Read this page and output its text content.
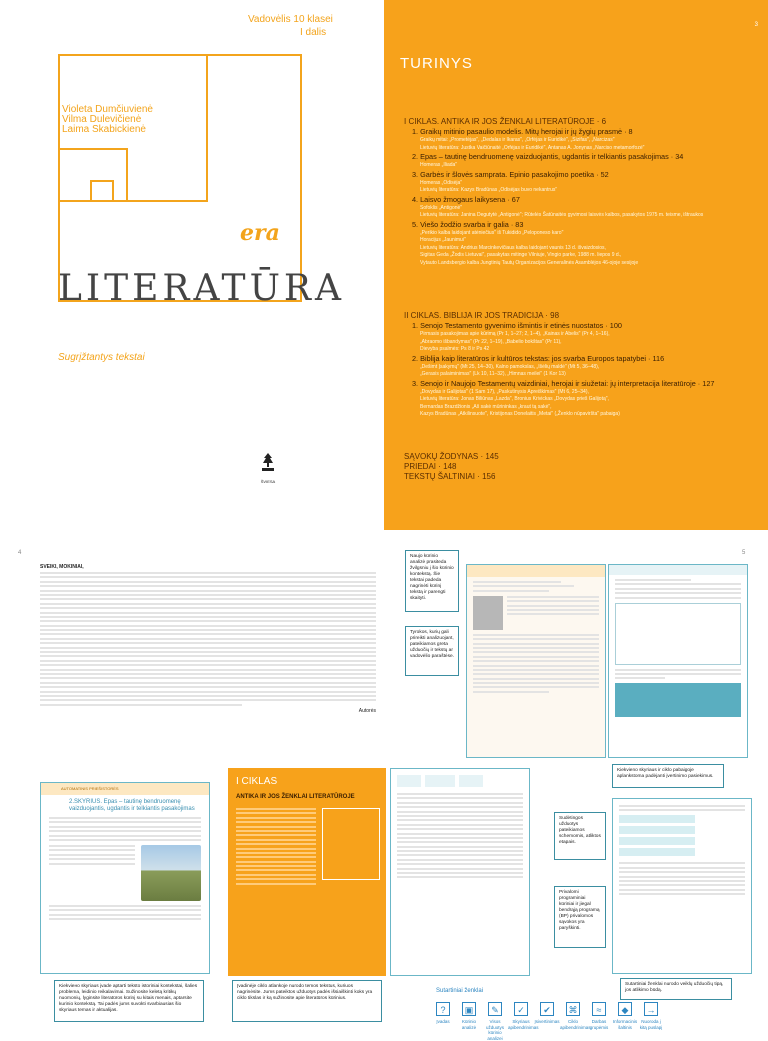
Vadovėlis 10 klasei
I dalis
Violeta Dumčiuvienė
Vilma Dulevičienė
Laima Skabickienė
era
LITERATŪRA
Sugrįžtantys tekstai
ŠVIESA
3
TURINYS
I CIKLAS. ANTIKA IR JOS ŽENKLAI LITERATŪROJE · 6
1. Graikų mitinio pasaulio modelis. Mitų herojai ir jų žygių prasmė · 8
Graikų mitai: „Prometėjas", „Dedalas ir Ikaras", „Orfėjas ir Euridikė", „Sizifas", „Narcizas"
Lietuvių literatūra: Justka Vaičiūnaitė „Orfėjas ir Euridikė", Antanas A. Jonynas „Narciso metamorfozė"
2. Epas – tautinę bendruomenę vaizduojantis, ugdantis ir telkiantis pasakojimas · 34
Homeras „Iliada"
3. Garbės ir šlovės samprata. Epinio pasakojimo poetika · 52
Homeras „Odisėja"
Lietuvių literatūra: Kazys Bradūnas „Odisėjas buvo nekantrus"
4. Laisvo žmogaus laikysena · 67
Sofoklis „Antigonė"
Lietuvių literatūra: Janina Degutytė „Antigonė"; Rūtelės Šatūnaitės gyvimosi laisvės kalbos, pasakytos 1975 m. teisme, ištraukos
5. Viešo žodžio svarba ir galia · 83
„Perikio kalba laidojant atėniečius" iš Tukidido „Peloponeso karo"
Horacijus „Jaunimui"
Lietuvių literatūra: Andrius Marcinkevičiaus kalba laidojant vaunis 13 d. išvaizdosios,
Sigitas Geda „Žodis Lietuvai", pasakytas mitinge Vilniuje, Vingio parke, 1988 m. liepos 9 d.,
Vytauto Landsbergio kalba Jungtinių Tautų Organizacijos Generalinės Asamblėjos 46-ojoje sesijoje
II CIKLAS. BIBLIJA IR JOS TRADICIJA · 98
1. Senojo Testamento gyvenimo išmintis ir etinės nuostatos · 100
Pirmasis pasakojimas apie kūrimą (Pr 1, 1–27; 2, 1–4), „Kainas ir Abelis" (Pr 4, 1–16),
„Abraomo išbandymas" (Pr 22, 1–19), „Babelio bokštas" (Pr 11),
Dievyba psalmės: Ps 8 ir Ps 42
2. Biblija kaip literatūros ir kultūros tekstas: jos svarba Europos tapatybei · 116
„Dešimt Įsakymų" (Mt 25, 14–30), Kalno pamokslas, „Išėlių maldė" (Mt 5, 36–48),
„Gerasis palaiminimas" (Lk 10, 11–32), „Himnas meilei" (1 Kor 13)
3. Senojo ir Naujojo Testamentų vaizdiniai, herojai ir siužetai: jų interpretacija literatūroje · 127
„Dovydas ir Galijotas" (1 Sam 17), „Paskutinysis Apreiškimas" (Mt 6, 25–34),
Lietuvių literatūra: Jonas Biliūnas „Lazda", Bronius Krivickas „Dovydas prieš Galijotą",
Bernardas Brazdžionis „Aš sakė mūrininkas „kraut tą sakė",
Kazys Bradūnas „Atkilinsuote", Kristijonas Donelaitis „Metai" („Ženklo nūpaviršta" pabaiga)
SĄVOKŲ ŽODYNAS · 145
PRIEDAI · 148
TEKSTŲ ŠALTINIAI · 156
4	5
SVEIKI, MOKINIAI,
Autorės
Naujo kūrinio analizė prasiteda žvilgsniu į šio kūrinio kontekstą. Šie tekstai padeda nagrinėti kūrinį tekstą ir parengti skaityti.
Tyrokos, kurių gali prireikti analizuojant, pateikiamos greta užduočių ir tekstų ar vadovėlio paraštėse.
AUTOMATINIS PRIEŠISTORĖS
2.SKYRIUS. Epas – tautinę bendruomenę vaizduojantis, ugdantis ir telkiantis pasakojimas
I CIKLAS
ANTIKA IR JOS ŽENKLAI LITERATŪROJE
Kiekvieno skyriaus ir ciklo pabaigoje aplankstoma padėjanti įvertinimo pasiekimus.
Sudėtingos užduotys pateikiamos schemomis, atliktos etapais.
Privalomi programiniai kūriniai ir jiegal bendrąją programą (BP) privalomos sąvokos yra paryškinti.
Sutartiniai ženklai nurodo veiklų užduočių tipą, jos atlikimo būdą.
Kiekviено skyriaus įvade aptarti teksto istoriniai kontekstai, šalies problema, leidinio reikalavimai. Sužinosite keletą kritikų nuomonių, lyginsite literatūros kūrinį su kitais menais, aptarsite kurinio kontekstą. Tai padės jums suvokti svarbiausias šio skyriaus temas ir aktualijas.
Įvadinėje ciklo atlankoje nurodo temos tekstus, kuriuos nagrinėsite. Jums pateiktos užduotys padės išsiaiškinti koks yra ciklo tikslas ir ką sužinosite apie literatūros kūrinius.
Sutartiniai ženklai
?
Įvadas
▣
Kūrinio analizė
✎
Visos užduotys kūrinio analizei
✓
Skyriaus apibendrinimas
✔
Įsivertinimas
⌘
Ciklo apibendrinimas
≈
Darbas grupėmis
◆
Informacinis šaltinis
→
Nuoroda į kitą puslapį
